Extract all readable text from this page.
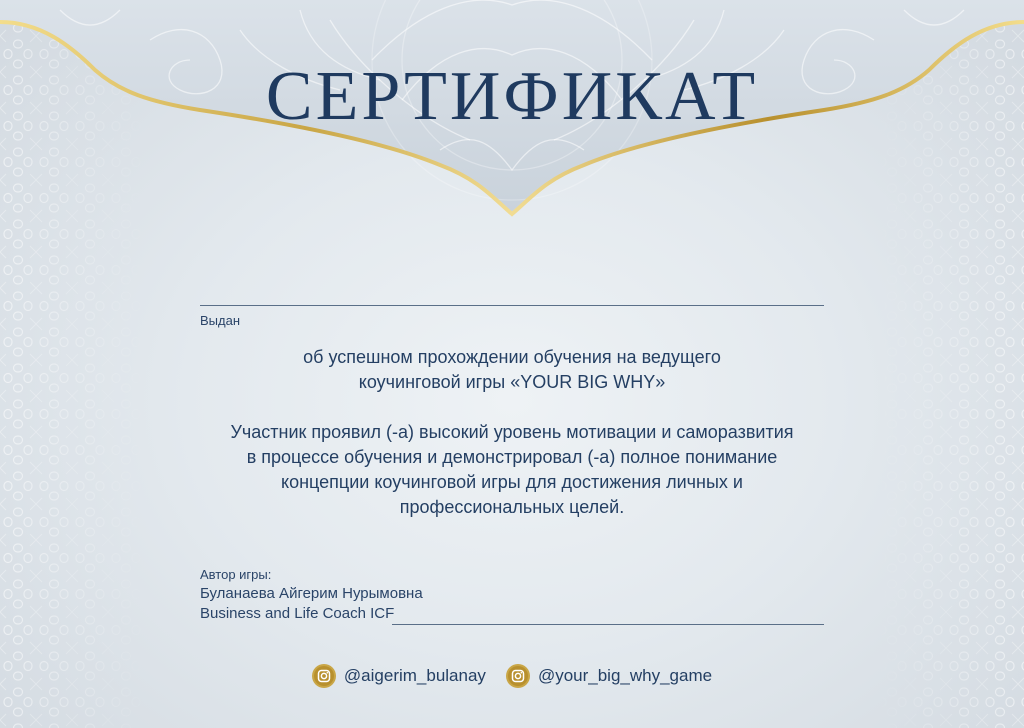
СЕРТИФИКАТ
Выдан
об успешном прохождении обучения на ведущего
коучинговой игры «YOUR BIG WHY»
Участник проявил (-а) высокий уровень мотивации и саморазвития
в процессе обучения и демонстрировал (-а) полное понимание
концепции коучинговой игры для достижения личных и
профессиональных целей.
Автор игры:
Буланаева Айгерим Нурымовна
Business and Life Coach ICF
@aigerim_bulanay	@your_big_why_game
